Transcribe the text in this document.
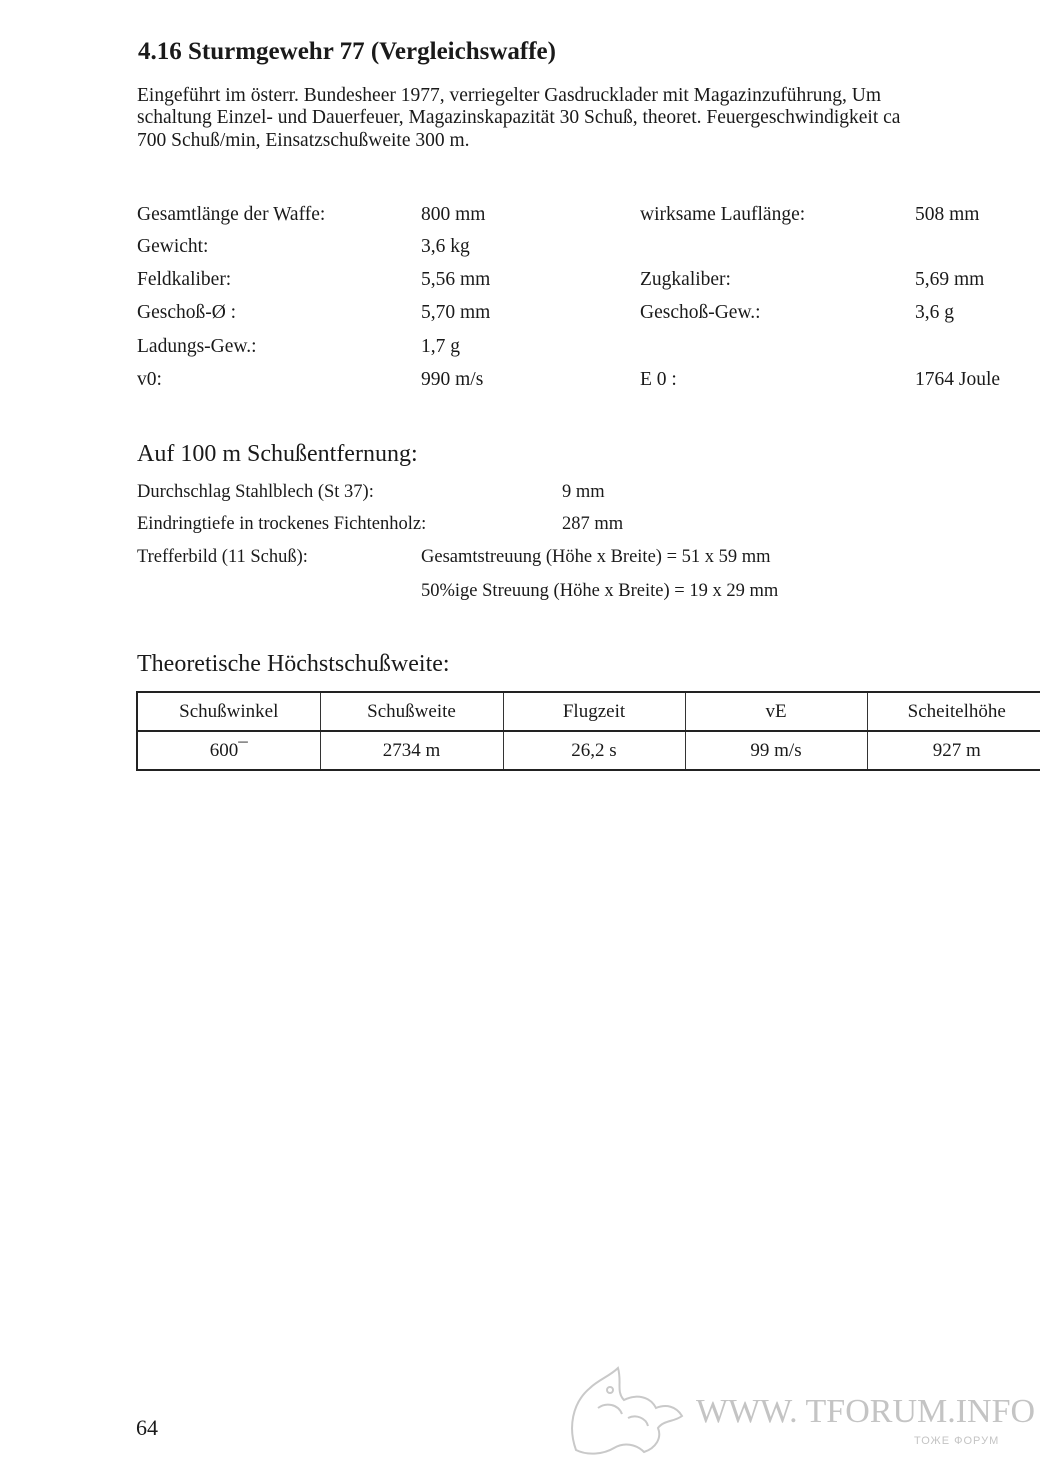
4.16 Sturmgewehr 77 (Vergleichswaffe)
Eingeführt im österr. Bundesheer 1977, verriegelter Gasdrucklader mit Magazinzuführung, Um
schaltung Einzel- und Dauerfeuer, Magazinskapazität 30 Schuß, theoret. Feuergeschwindigkeit ca
700 Schuß/min, Einsatzschußweite 300 m.
Gesamtlänge der Waffe:	800 mm	wirksame Lauflänge:	508 mm
Gewicht:	3,6 kg
Feldkaliber:	5,56 mm	Zugkaliber:	5,69 mm
Geschoß-Ø :	5,70 mm	Geschoß-Gew.:	3,6 g
Ladungs-Gew.:	1,7 g
v0:	990 m/s	E 0 :	1764 Joule
Auf 100 m Schußentfernung:
Durchschlag Stahlblech (St 37):	9 mm
Eindringtiefe in trockenes Fichtenholz:	287 mm
Trefferbild (11 Schuß):	Gesamtstreuung (Höhe x Breite) = 51 x 59 mm
50%ige Streuung (Höhe x Breite) = 19 x 29 mm
Theoretische Höchstschußweite:
Schußwinkel	Schußweite	Flugzeit	vE	Scheitelhöhe
600¯	2734 m	26,2 s	99 m/s	927 m
64	WWW. TFORUM.INFO
ТОЖЕ ФОРУМ
